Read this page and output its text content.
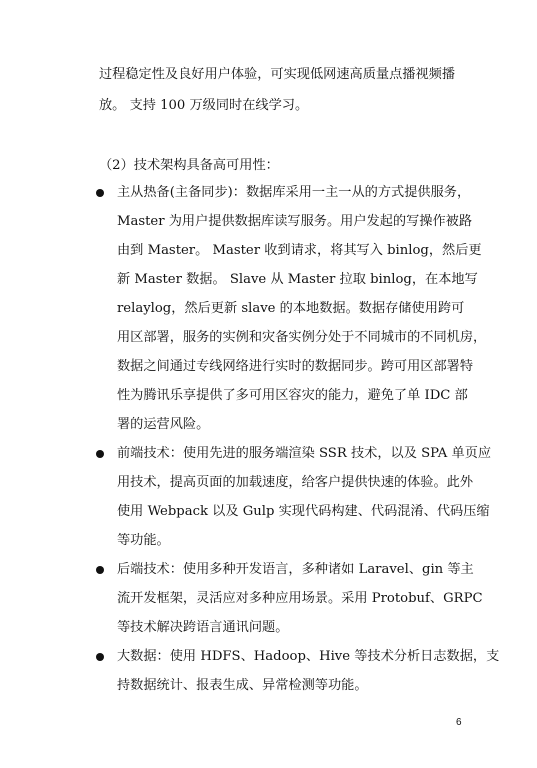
过程稳定性及良好用户体验，可实现低网速高质量点播视频播
放。 支持 100 万级同时在线学习。
（2）技术架构具备高可用性：
主从热备(主备同步)：数据库采用一主一从的方式提供服务，
Master 为用户提供数据库读写服务。用户发起的写操作被路
由到 Master。 Master 收到请求，将其写入 binlog，然后更
新 Master 数据。 Slave 从 Master 拉取 binlog，在本地写
relaylog，然后更新 slave 的本地数据。数据存储使用跨可
用区部署，服务的实例和灾备实例分处于不同城市的不同机房，
数据之间通过专线网络进行实时的数据同步。跨可用区部署特
性为腾讯乐享提供了多可用区容灾的能力，避免了单 IDC 部
署的运营风险。
前端技术：使用先进的服务端渲染 SSR 技术，以及 SPA 单页应
用技术，提高页面的加载速度，给客户提供快速的体验。此外
使用 Webpack 以及 Gulp 实现代码构建、代码混淆、代码压缩
等功能。
后端技术：使用多种开发语言，多种诸如 Laravel、gin 等主
流开发框架，灵活应对多种应用场景。采用 Protobuf、GRPC
等技术解决跨语言通讯问题。
大数据：使用 HDFS、Hadoop、Hive 等技术分析日志数据，支
持数据统计、报表生成、异常检测等功能。
6
